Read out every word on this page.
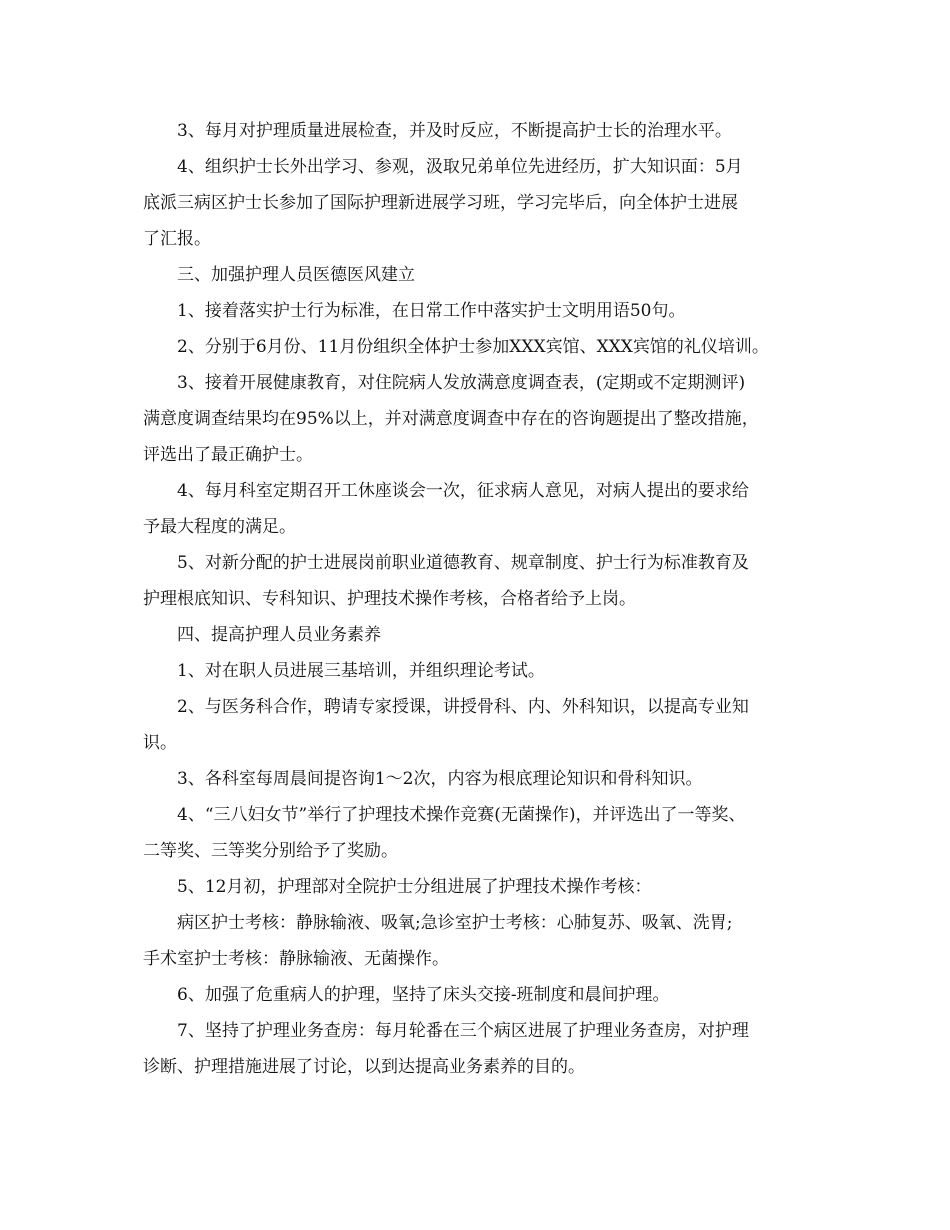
3、每月对护理质量进展检查，并及时反应，不断提高护士长的治理水平。
4、组织护士长外出学习、参观，汲取兄弟单位先进经历，扩大知识面：5月
底派三病区护士长参加了国际护理新进展学习班，学习完毕后，向全体护士进展
了汇报。
三、加强护理人员医德医风建立
1、接着落实护士行为标准，在日常工作中落实护士文明用语50句。
2、分别于6月份、11月份组织全体护士参加XXX宾馆、XXX宾馆的礼仪培训。
3、接着开展健康教育，对住院病人发放满意度调查表，(定期或不定期测评)
满意度调查结果均在95%以上，并对满意度调查中存在的咨询题提出了整改措施，
评选出了最正确护士。
4、每月科室定期召开工休座谈会一次，征求病人意见，对病人提出的要求给
予最大程度的满足。
5、对新分配的护士进展岗前职业道德教育、规章制度、护士行为标准教育及
护理根底知识、专科知识、护理技术操作考核，合格者给予上岗。
四、提高护理人员业务素养
1、对在职人员进展三基培训，并组织理论考试。
2、与医务科合作，聘请专家授课，讲授骨科、内、外科知识，以提高专业知
识。
3、各科室每周晨间提咨询1～2次，内容为根底理论知识和骨科知识。
4、“三八妇女节”举行了护理技术操作竞赛(无菌操作)，并评选出了一等奖、
二等奖、三等奖分别给予了奖励。
5、12月初，护理部对全院护士分组进展了护理技术操作考核：
病区护士考核：静脉输液、吸氧;急诊室护士考核：心肺复苏、吸氧、洗胃;
手术室护士考核：静脉输液、无菌操作。
6、加强了危重病人的护理，坚持了床头交接-班制度和晨间护理。
7、坚持了护理业务查房：每月轮番在三个病区进展了护理业务查房，对护理
诊断、护理措施进展了讨论，以到达提高业务素养的目的。
